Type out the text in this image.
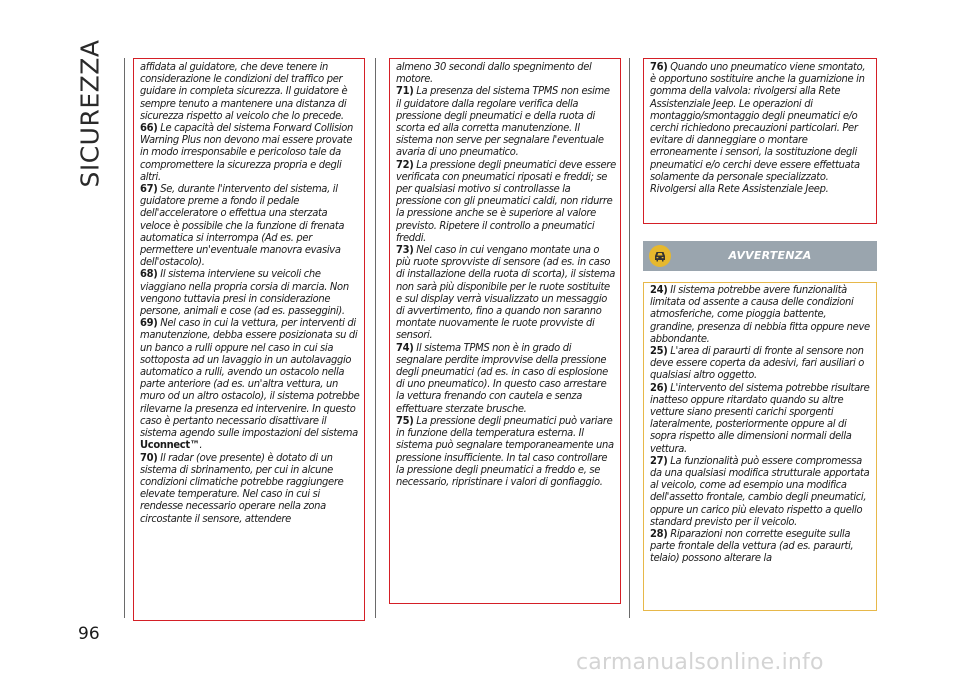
SICUREZZA
96

affidata al guidatore, che deve tenere in considerazione le condizioni del traffico per guidare in completa sicurezza. Il guidatore è sempre tenuto a mantenere una distanza di sicurezza rispetto al veicolo che lo precede.

66) Le capacità del sistema Forward Collision Warning Plus non devono mai essere provate in modo irresponsabile e pericoloso tale da compromettere la sicurezza propria e degli altri.

67) Se, durante l'intervento del sistema, il guidatore preme a fondo il pedale dell'acceleratore o effettua una sterzata veloce è possibile che la funzione di frenata automatica si interrompa (Ad es. per permettere un'eventuale manovra evasiva dell'ostacolo).

68) Il sistema interviene su veicoli che viaggiano nella propria corsia di marcia. Non vengono tuttavia presi in considerazione persone, animali e cose (ad es. passeggini).

69) Nel caso in cui la vettura, per interventi di manutenzione, debba essere posizionata su di un banco a rulli oppure nel caso in cui sia sottoposta ad un lavaggio in un autolavaggio automatico a rulli, avendo un ostacolo nella parte anteriore (ad es. un'altra vettura, un muro od un altro ostacolo), il sistema potrebbe rilevarne la presenza ed intervenire. In questo caso è pertanto necessario disattivare il sistema agendo sulle impostazioni del sistema Uconnect™.

70) Il radar (ove presente) è dotato di un sistema di sbrinamento, per cui in alcune condizioni climatiche potrebbe raggiungere elevate temperature. Nel caso in cui si rendesse necessario operare nella zona circostante il sensore, attendere

almeno 30 secondi dallo spegnimento del motore.

71) La presenza del sistema TPMS non esime il guidatore dalla regolare verifica della pressione degli pneumatici e della ruota di scorta ed alla corretta manutenzione. Il sistema non serve per segnalare l'eventuale avaria di uno pneumatico.

72) La pressione degli pneumatici deve essere verificata con pneumatici riposati e freddi; se per qualsiasi motivo si controllasse la pressione con gli pneumatici caldi, non ridurre la pressione anche se è superiore al valore previsto. Ripetere il controllo a pneumatici freddi.

73) Nel caso in cui vengano montate una o più ruote sprovviste di sensore (ad es. in caso di installazione della ruota di scorta), il sistema non sarà più disponibile per le ruote sostituite e sul display verrà visualizzato un messaggio di avvertimento, fino a quando non saranno montate nuovamente le ruote provviste di sensori.

74) Il sistema TPMS non è in grado di segnalare perdite improvvise della pressione degli pneumatici (ad es. in caso di esplosione di uno pneumatico). In questo caso arrestare la vettura frenando con cautela e senza effettuare sterzate brusche.

75) La pressione degli pneumatici può variare in funzione della temperatura esterna. Il sistema può segnalare temporaneamente una pressione insufficiente. In tal caso controllare la pressione degli pneumatici a freddo e, se necessario, ripristinare i valori di gonfiaggio.

76) Quando uno pneumatico viene smontato, è opportuno sostituire anche la guarnizione in gomma della valvola: rivolgersi alla Rete Assistenziale Jeep. Le operazioni di montaggio/smontaggio degli pneumatici e/o cerchi richiedono precauzioni particolari. Per evitare di danneggiare o montare erroneamente i sensori, la sostituzione degli pneumatici e/o cerchi deve essere effettuata solamente da personale specializzato. Rivolgersi alla Rete Assistenziale Jeep.

AVVERTENZA

24) Il sistema potrebbe avere funzionalità limitata od assente a causa delle condizioni atmosferiche, come pioggia battente, grandine, presenza di nebbia fitta oppure neve abbondante.

25) L'area di paraurti di fronte al sensore non deve essere coperta da adesivi, fari ausiliari o qualsiasi altro oggetto.

26) L'intervento del sistema potrebbe risultare inatteso oppure ritardato quando su altre vetture siano presenti carichi sporgenti lateralmente, posteriormente oppure al di sopra rispetto alle dimensioni normali della vettura.

27) La funzionalità può essere compromessa da una qualsiasi modifica strutturale apportata al veicolo, come ad esempio una modifica dell'assetto frontale, cambio degli pneumatici, oppure un carico più elevato rispetto a quello standard previsto per il veicolo.

28) Riparazioni non corrette eseguite sulla parte frontale della vettura (ad es. paraurti, telaio) possono alterare la

carmanualsonline.info
